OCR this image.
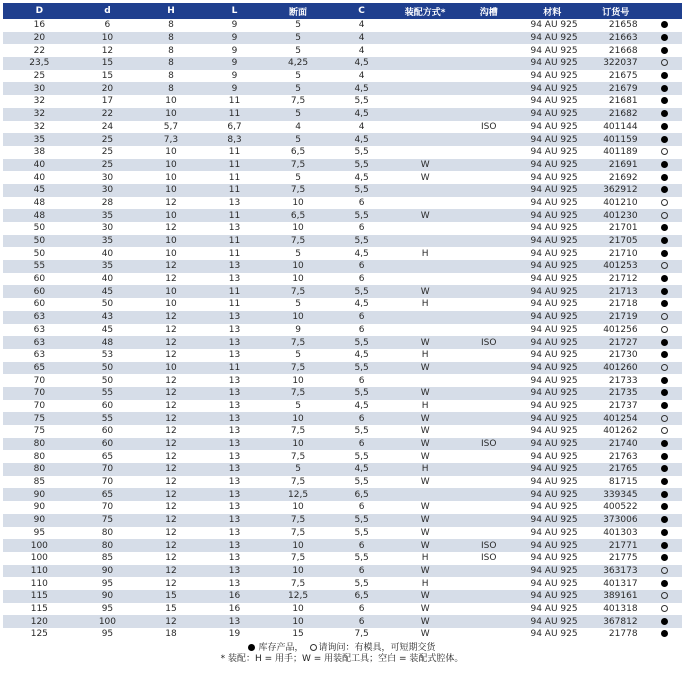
D	d	H	L	断面	C	装配方式*	沟槽	材料	订货号	
16	6	8	9	5	4			94 AU 925	21658	
20	10	8	9	5	4			94 AU 925	21663	
22	12	8	9	5	4			94 AU 925	21668	
23,5	15	8	9	4,25	4,5			94 AU 925	322037	
25	15	8	9	5	4			94 AU 925	21675	
30	20	8	9	5	4,5			94 AU 925	21679	
32	17	10	11	7,5	5,5			94 AU 925	21681	
32	22	10	11	5	4,5			94 AU 925	21682	
32	24	5,7	6,7	4	4		ISO	94 AU 925	401144	
35	25	7,3	8,3	5	4,5			94 AU 925	401159	
38	25	10	11	6,5	5,5			94 AU 925	401189	
40	25	10	11	7,5	5,5	W		94 AU 925	21691	
40	30	10	11	5	4,5	W		94 AU 925	21692	
45	30	10	11	7,5	5,5			94 AU 925	362912	
48	28	12	13	10	6			94 AU 925	401210	
48	35	10	11	6,5	5,5	W		94 AU 925	401230	
50	30	12	13	10	6			94 AU 925	21701	
50	35	10	11	7,5	5,5			94 AU 925	21705	
50	40	10	11	5	4,5	H		94 AU 925	21710	
55	35	12	13	10	6			94 AU 925	401253	
60	40	12	13	10	6			94 AU 925	21712	
60	45	10	11	7,5	5,5	W		94 AU 925	21713	
60	50	10	11	5	4,5	H		94 AU 925	21718	
63	43	12	13	10	6			94 AU 925	21719	
63	45	12	13	9	6			94 AU 925	401256	
63	48	12	13	7,5	5,5	W	ISO	94 AU 925	21727	
63	53	12	13	5	4,5	H		94 AU 925	21730	
65	50	10	11	7,5	5,5	W		94 AU 925	401260	
70	50	12	13	10	6			94 AU 925	21733	
70	55	12	13	7,5	5,5	W		94 AU 925	21735	
70	60	12	13	5	4,5	H		94 AU 925	21737	
75	55	12	13	10	6	W		94 AU 925	401254	
75	60	12	13	7,5	5,5	W		94 AU 925	401262	
80	60	12	13	10	6	W	ISO	94 AU 925	21740	
80	65	12	13	7,5	5,5	W		94 AU 925	21763	
80	70	12	13	5	4,5	H		94 AU 925	21765	
85	70	12	13	7,5	5,5	W		94 AU 925	81715	
90	65	12	13	12,5	6,5			94 AU 925	339345	
90	70	12	13	10	6	W		94 AU 925	400522	
90	75	12	13	7,5	5,5	W		94 AU 925	373006	
95	80	12	13	7,5	5,5	W		94 AU 925	401303	
100	80	12	13	10	6	W	ISO	94 AU 925	21771	
100	85	12	13	7,5	5,5	H	ISO	94 AU 925	21775	
110	90	12	13	10	6	W		94 AU 925	363173	
110	95	12	13	7,5	5,5	H		94 AU 925	401317	
115	90	15	16	12,5	6,5	W		94 AU 925	389161	
115	95	15	16	10	6	W		94 AU 925	401318	
120	100	12	13	10	6	W		94 AU 925	367812	
125	95	18	19	15	7,5	W		94 AU 925	21778	
库存产品， 请询问：有模具，可短期交货
* 装配：H = 用手；W = 用装配工具；空白 = 装配式腔体。
